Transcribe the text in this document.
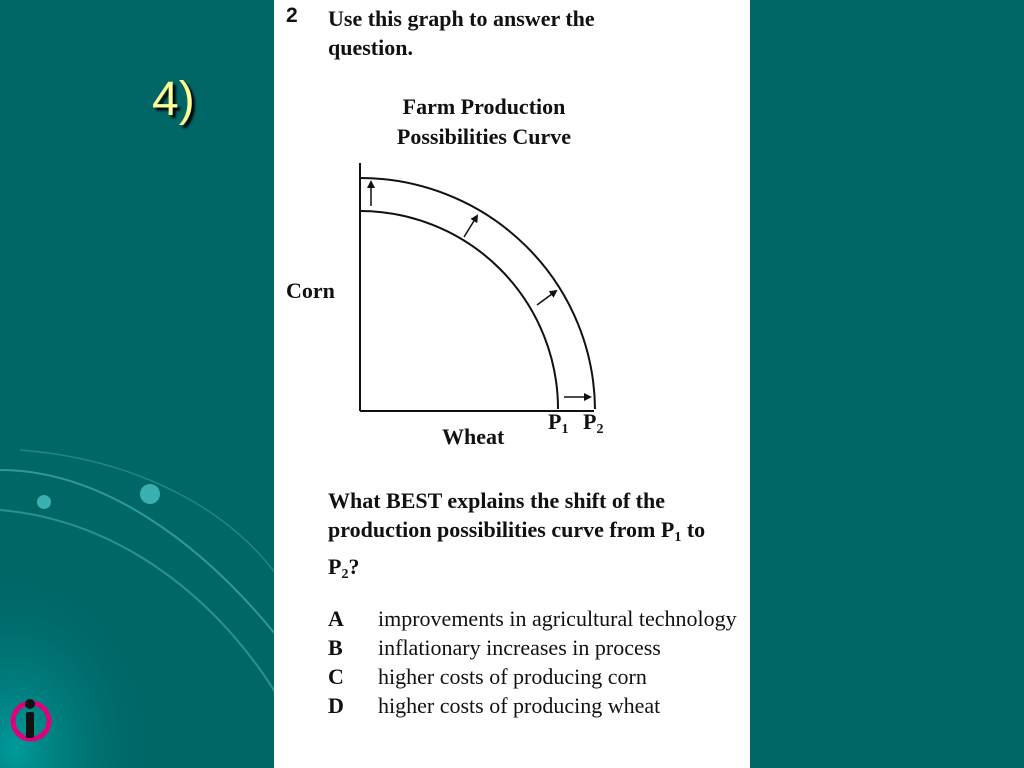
4)
2 Use this graph to answer the question.
Farm Production Possibilities Curve
Corn
Wheat
$P_1$ $P_2$
What BEST explains the shift of the production possibilities curve from $P_1$ to $P_2$?
A	improvements in agricultural technology
B	inflationary increases in process
C	higher costs of producing corn
D	higher costs of producing wheat
